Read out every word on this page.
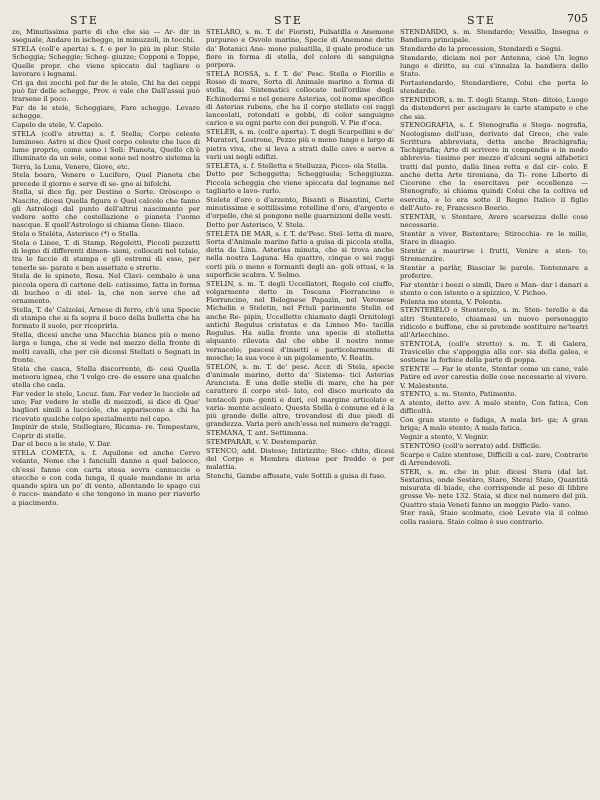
STE	STE	STE	705

zo, Minutissima parte di che che sia — Ar- dir in sseguale, Andare in ischegge, in minuzzoli, in tocchi.

STELA (coll'e aperta) s. f. e per lo più in plur. Stele Scheggia; Scheggie; Scheg- giuzze; Copponi e Toppe, Quelle propr. che viene spiccato dal tagliare o lavorare i legnami.

Cri ga dei zocchi pol far de le stele, Chi ha dei ceppi può far delle schegge, Prov. e vale che Dall'assai può trarsene il poco.

Far de le stele, Scheggiare, Fare schegge. Levare schegge.

Capelo de stele, V. Capelo.

STELA (coll'e stretta) s. f. Stella; Corpo celeste luminoso. Astro si dice Quel corpo celeste che luce di lume proprio, come sono i Soli: Pianeta, Quello ch'è illuminato da un sole, come sono nel nostro sistema la Terra, la Luna, Venere, Giove, etc.

Stela boara, Venere o Lucifero, Quel Pianeta che precede il giorno e serve di se- gno ai bifolchi.

Stella, si dice fig. per Destino o Sorte. Oròscopo o Nascito, dicesi Quella figura o Quel calcolo che fanno gli Astrologi dal punto dell'altrui nascimento per vedere sotto che costellazione o pianeta l'uomo nascque. E quell'Astrologo si chiama Gene- tliaco.

Stela o Steléta, Asterisco (*) o Stella.

Stela o Linee, T. di Stamp. Regoletti, Piccoli pezzetti di legno di differenti dimen- sioni, collocati nel telaio, tra le faccie di stampa e gli estremi di esso, per tenerle se- parate e ben assettate e strette.

Stela de le spinete, Rosa. Nel Clavi- cembalo è una piccola opera di cartone deli- catissimo, fatta in forma di bucheo o di stel- la, che non serve che ad ornamento.

Stella, T. de' Calzolai, Arnese di ferro, ch'è una Specie di stampa che si fa sopra il buco della bulletta che ha formato il suolo, per ricoprirla.

Stella, dicesi anche una Macchia bianca più o meno larga e lunga, che si vede nel mezzo della fronte di molti cavalli, che per ciò diconsi Stellati o Segnati in fronte.

Stela che casca, Stella discorrente, di- cesi Quella meteora ignea, che 'l volgo cre- de essere una qualche stella che cada.

Far veder le stele, Locuz. fam. Far veder le lucciole ad uno; Far vedere le stelle di mezzodì, si dice di Que' bagliori simili a lucciole, che appariscono a chi ha ricevuto qualche colpo spezialmente nel capo.

Impinir de stele, Stellegiare, Ricama- re. Tempestare, Coprir di stelle.

Dar el beco a le stele, V. Dar.

STELA COMETA, s. f. Aquilone ed anche Cervo volante, Nome che i fanciulli danno a quel balocco, ch'essi fanno con carta stesa sovra cannuccie o stecche e con coda lunga, il quale mandano in aria quando spira un po' di vento, allentando lo spago cui è racco- mandato e che tengono in mano per riaverlo a piacimento.

STELÀRO, s. m. T. de' Fioristi, Pulsatilla o Anemone purpureo e Osvolo marino, Specie di Anemone detto da' Botanici Ane- mone pulsatilla, il quale produce un fiore in forma di stella, del colore di sanguigna porpora.

STELA ROSSA, s. f. T. de' Pesc. Stella o Fiorillo e Rosso di mare, Sorta di Animale marino a forma di stella, dai Sistematici collocato nell'ordine degli Echinodermi e nel genere Asterias, col nome specifico di Asterias rubens, che ha il corpo stellato coi raggi lanceolati, rotondati e gobbi, di color sanguigno carico e su ogni parte con dei pungoli. V. Pie d'oca.

STELÈR, s. m. (coll'e aperta). T. degli Scarpellini e de' Muratori, Lostrone, Pezzo più o meno lungo e largo di pietra viva, che si leva a strati dalle cave e serve a varii usi negli edifizi.

STELÈTA, s. f. Stelletta e Stelluzza, Picco- ola Stella.

Detto per Scheggetta; Scheggiuola; Scheggiuzza. Piccola scheggia che viene spiccata dal legname nel tagliarlo e lavo- rarlo.

Stelete d'oro o d'arzento, Bisanti o Bisantini, Certe minutissime e sottilissime rotelline d'oro, d'argento o d'orpello, che si pongono nelle guarnizioni delle vesti.

Detto per Asterisco, V. Stela.

STELÈTA DE MAR, s. f. T. de'Pesc. Stel- letta di mare, Sorta d'Animale marino fatto a guisa di piccola stella, detta da Linn. Asterias minuta, che si trova anche nella nostra Laguna. Ha quattro, cinque o sei raggi corti più o meno e formanti degli an- goli ottusi, e la superficie scabra. V. Selmo.

STELIN, s. m. T. degli Uccellatori, Regolo col ciuffo, volgarmente detto in Toscana Fiorrancino o Fiorrancino, nel Bolognese Papazìn, nel Veronese Michelin o Steletin, nel Friuli parimente Stelin ed anche Re- pipin, Uccelletto chiamato dagli Ornitologi antichi Regulus cristatus e da Linneo Mo- tacilla Regulus. Ha sulla fronte una specie di stelletta alquanto rilevata dal che ebbe il nostro nome vernacolo; pascesi d'insetti e particolarmente di mosche; la sua voce è un pigolamento, V. Reatin.

STELÒN, s. m. T. de' pesc. Accr. di Stela, specie d'animale marino, detto da' Sistema- tici Asterias Arancista. È una delle stelle di mare, che ha per carattere il corpo stel- lato, col disco muricato da tentacoli pun- genti e duri, col margine articolato e varia- mente aculeato. Questa Stella è comune ed è la più grande delle altre, trovandosi di due piedi di grandezza. Varia però anch'essa nel numero de'raggi.

STEMÀNA, T. ant. Settimana.

STEMPARÀR, v. V. Destemparàr.

STENCO, add. Disteso; Intirizzito; Stec- chito, dicesi del Corpo e Membra distese per freddo o per malattia.

Stenchi, Gambe affusate, vale Sottili a guisa di fuso.

STENDARDO, s. m. Stendardo; Vessillo, Insegna o Bandiera principale.

Stendardo de la procession, Stendardi e Segni.

Stendardo, diciam noi per Antenna, cioè Un legno lungo e diritto, su cui s'innalza la bandiera dello Stato.

Portastendardo, Stendardiere, Colui che porta lo stendardo.

STENDIDOR, s. m. T. degli Stamp. Sten- ditoio, Luogo da distendervi per asciugare le carte stampate o che che sia.

STENOGRAFIA, s. f. Stenografia o Stega- nografia, Neologismo dell'uso, derivato dal Greco, che vale Scrittura abbreviata, detta anche Brachigrafia; Tachigrafia; Arte di scrivere in compendio e in modo abbrevia- tissimo per mezzo d'alcuni segni alfabetici tratti dal punto, dalla linea retta e dal cir- colo. È anche detta Arte tironiana, da Ti- rone Liberto di Cicerone che la esercitava per eccellenza — Stenografo, si chiama quindi Colui che la coltiva ed esercita, e lo era sotto il Regno Italico il figlio dell'Auto- re, Francesco Boerio.

STENTÀR, v. Stentare, Avere scarsezza delle cose necessarie.

Stentàr a viver, Bistentare; Stirocchia- re le mille, Stare in disagio.

Stentàr a maurirse i frutti, Venire a sten- to; Stremenzire.

Stentàr a parlàr, Biasciar le parole. Tentennare a proferire.

Far stentàr i beezi o simili, Dare o Man- dar i danari a stento o con istento o a spizzico, V. Pichoo.

Polenta mo stenta, V. Polenta.

STENTERÈLO o Stenterelo, s. m. Sten- terello e da altri Stenterelo, chiamasi un nuovo personaggio ridicolo e buffone, che si pretende sostituire ne'teatri all'Arlecchino.

STÈNTOLA, (coll'e stretto) s. m. T. di Galera, Travicello che s'appoggia alla cor- sia della galea, e sostiene la forbice della parte di poppa.

STENTE — Far le stente, Stentar come un cane, vale Patire ed aver carestia delle cose necessarie al vivere. V. Malestente.

STENTO, s. m. Stento, Patimento.

A stento, detto avv. A malo stento, Con fatica, Con difficoltà.

Con gran stento o fadiga, A mala bri- ga; A gran briga; A malo stento; A mala fatica.

Vegnir a stento, V. Vegnir.

STENTÒSO (coll'o serrato) add. Difficile.

Scarpe e Calze stentose, Difficili a cal- zare, Contrarie di Arrendevoli.

STER, s. m. che in plur. dicesi Stera (dal lat. Sextarius, onde Sestàro, Staro, Stera) Staio, Quantità misurata di biade, che corrisponde al peso di libbre grosse Ve- nete 132. Staia, si dice nel numero del più. Quattro staia Veneti fanno un moggio Pado- vano.

Ster rasà, Staio scolmato, cioè Levato via il colmo colla rasiera. Staio colmo è suo contrario.
